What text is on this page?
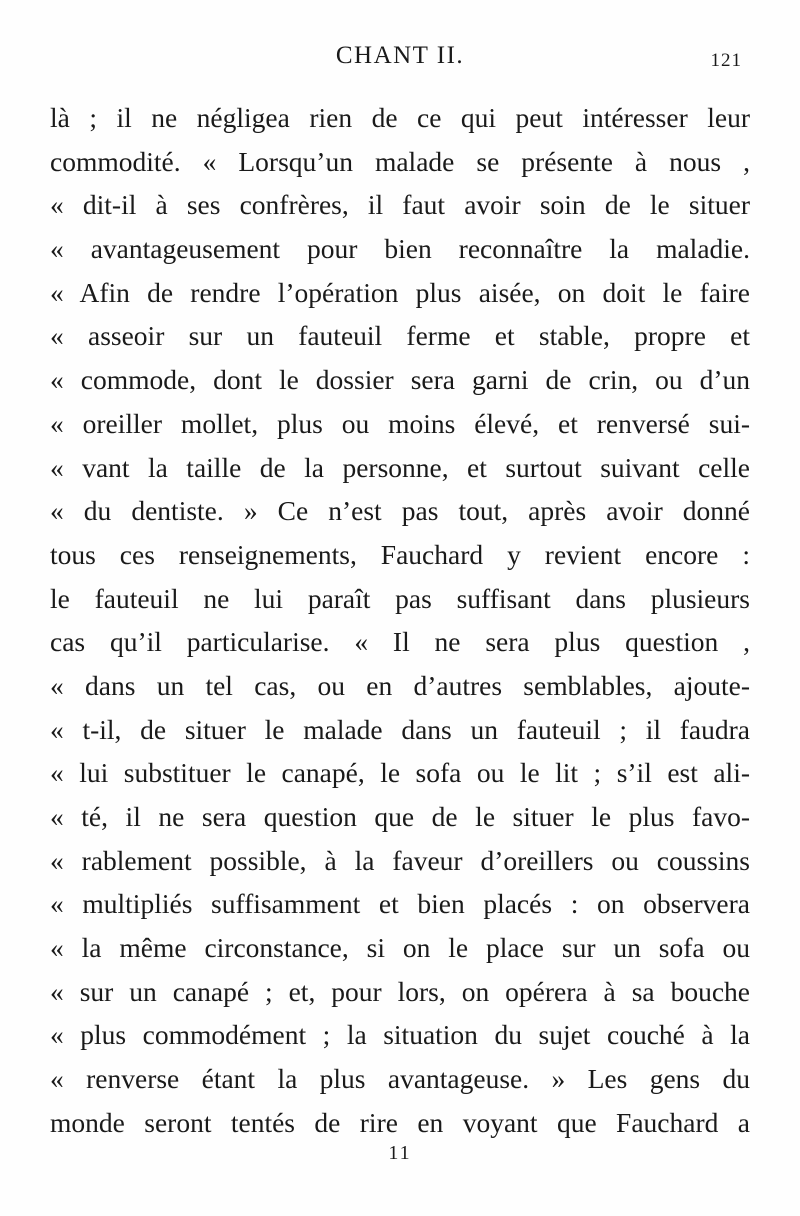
CHANT II.	121
là ; il ne négligea rien de ce qui peut intéresser leur
commodité. « Lorsqu’un malade se présente à nous ,
« dit-il à ses confrères, il faut avoir soin de le situer
« avantageusement pour bien reconnaître la maladie.
« Afin de rendre l’opération plus aisée, on doit le faire
« asseoir sur un fauteuil ferme et stable, propre et
« commode, dont le dossier sera garni de crin, ou d’un
« oreiller mollet, plus ou moins élevé, et renversé sui-
« vant la taille de la personne, et surtout suivant celle
« du dentiste. » Ce n’est pas tout, après avoir donné
tous ces renseignements, Fauchard y revient encore :
le fauteuil ne lui paraît pas suffisant dans plusieurs
cas qu’il particularise. « Il ne sera plus question ,
« dans un tel cas, ou en d’autres semblables, ajoute-
« t-il, de situer le malade dans un fauteuil ; il faudra
« lui substituer le canapé, le sofa ou le lit ; s’il est ali-
« té, il ne sera question que de le situer le plus favo-
« rablement possible, à la faveur d’oreillers ou coussins
« multipliés suffisamment et bien placés : on observera
« la même circonstance, si on le place sur un sofa ou
« sur un canapé ; et, pour lors, on opérera à sa bouche
« plus commodément ; la situation du sujet couché à la
« renverse étant la plus avantageuse. » Les gens du
monde seront tentés de rire en voyant que Fauchard a
11
